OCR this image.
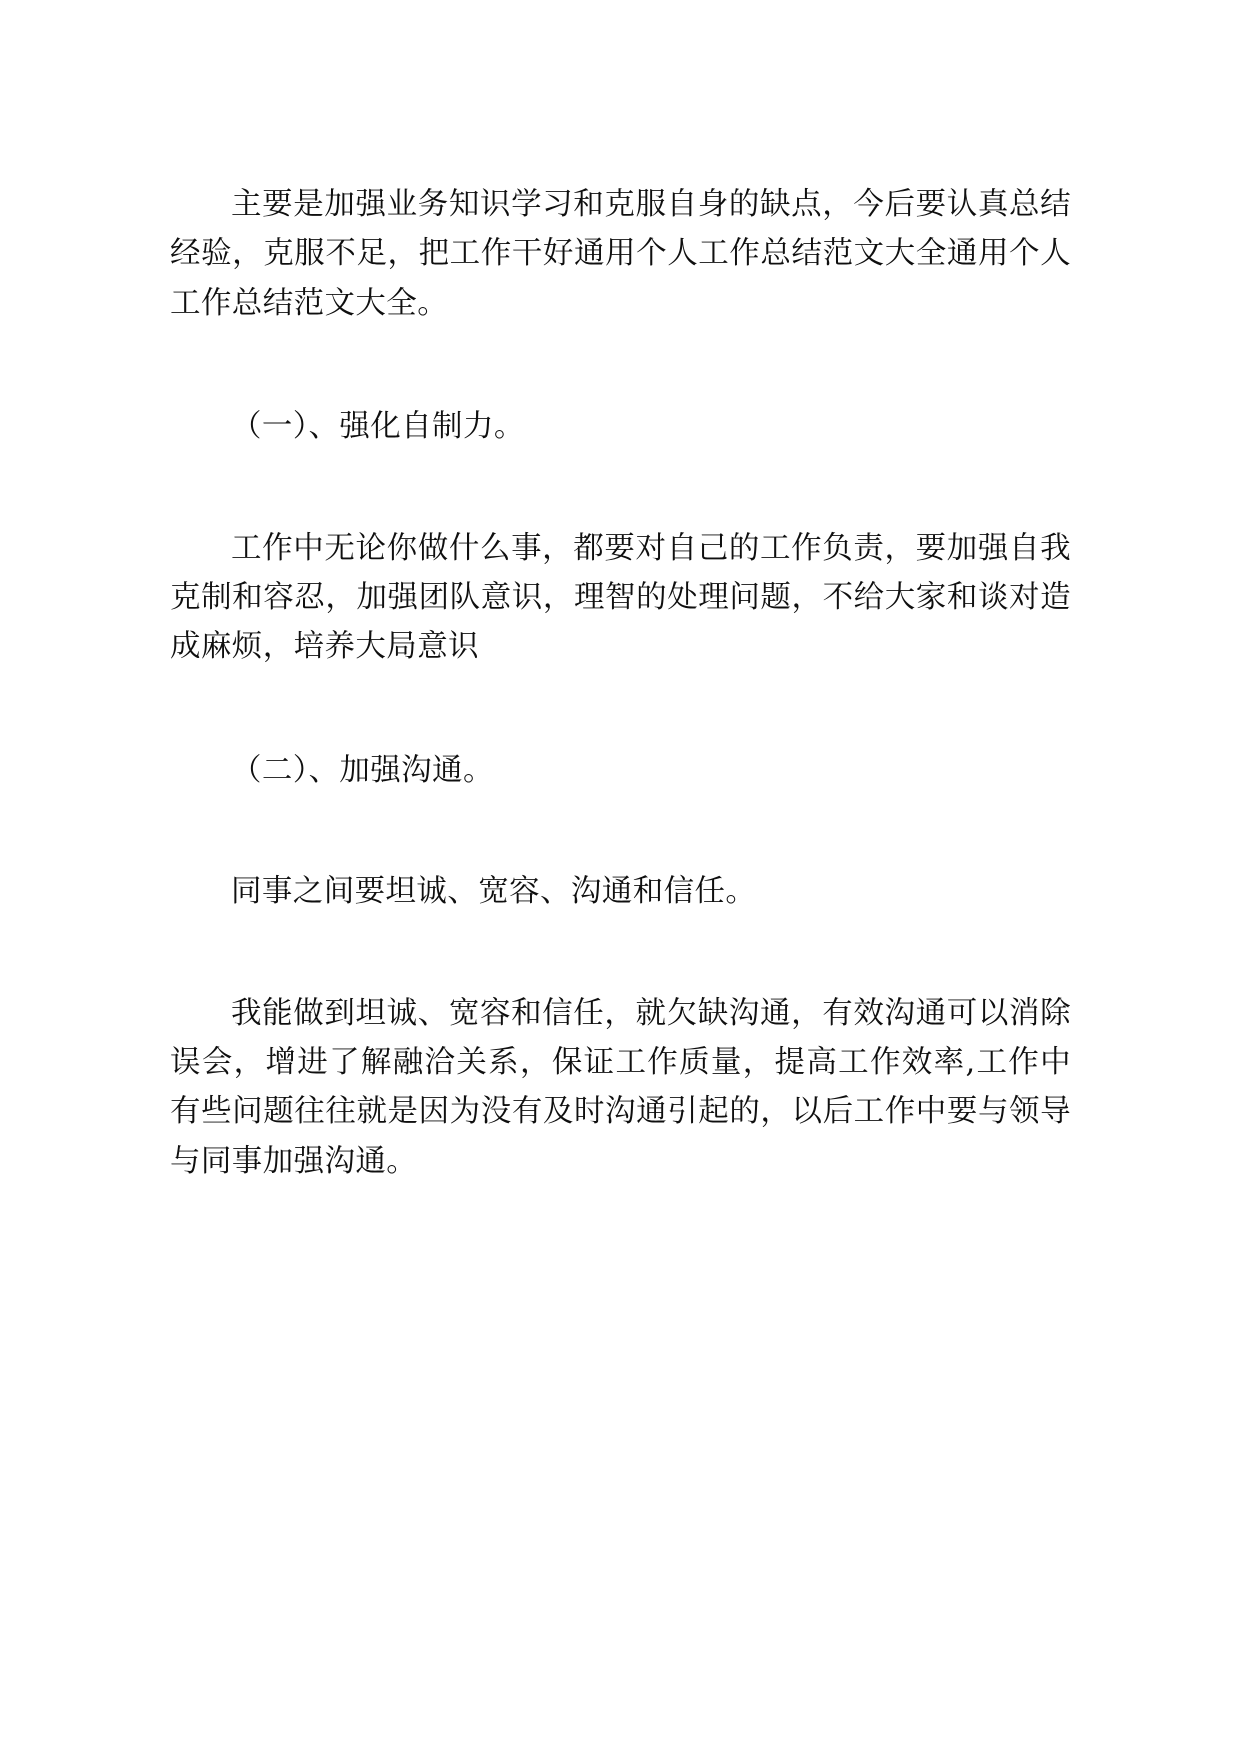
主要是加强业务知识学习和克服自身的缺点，今后要认真总结经验，克服不足，把工作干好通用个人工作总结范文大全通用个人工作总结范文大全。

（一）、强化自制力。

工作中无论你做什么事，都要对自己的工作负责，要加强自我克制和容忍，加强团队意识，理智的处理问题，不给大家和谈对造成麻烦，培养大局意识

（二）、加强沟通。

同事之间要坦诚、宽容、沟通和信任。

我能做到坦诚、宽容和信任，就欠缺沟通，有效沟通可以消除误会，增进了解融洽关系，保证工作质量，提高工作效率,工作中有些问题往往就是因为没有及时沟通引起的，以后工作中要与领导与同事加强沟通。
